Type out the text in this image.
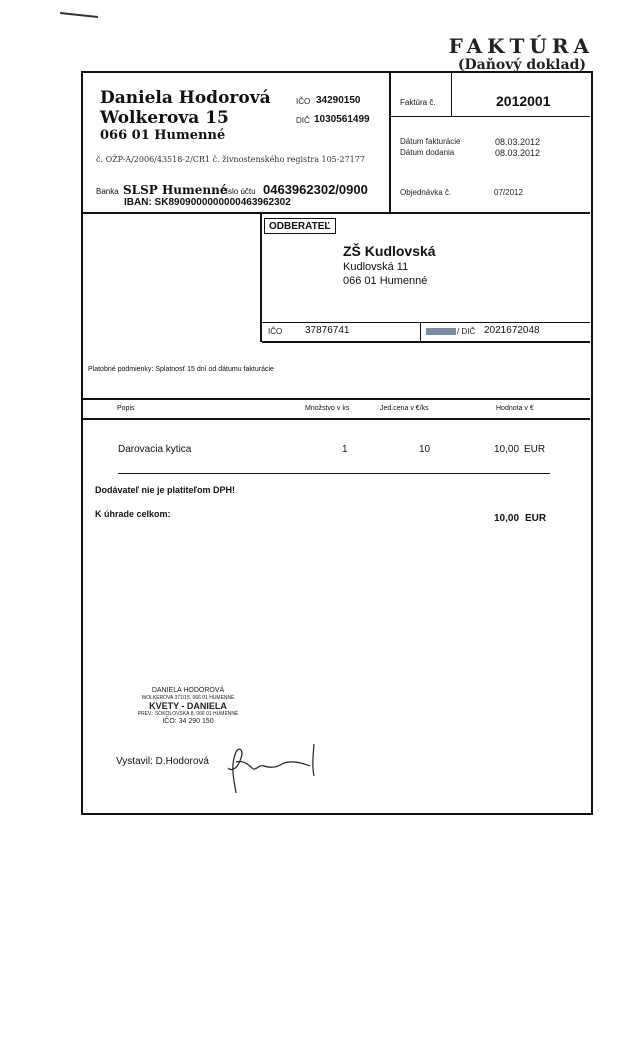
FAKTÚRA
(Daňový doklad)
Daniela Hodorová
Wolkerova 15
066 01 Humenné
IČO 34290150
DIČ 1030561499
č. OŽP-A/2006/43518-2/CR1 č. živnostenského registra 105-27177
Banka SLSP Humenné
Číslo účtu 0463962302/0900
IBAN: SK8909000000000463962302
Faktúra č.	2012001
Dátum fakturácie	08.03.2012
Dátum dodania	08.03.2012
Objednávka č.	07/2012
ODBERATEĽ
ZŠ Kudlovská
Kudlovská 11
066 01 Humenné
IČO 37876741	/ DIČ 2021672048
Platobné podmienky: Splatnosť 15 dní od dátumu fakturácie
Popis	Množstvo v ks	Jed.cena v €/ks	Hodnota v €
Darovacia kytica	1	10	10,00 EUR
Dodávateľ nie je platiteľom DPH!
K úhrade celkom:	10,00 EUR
DANIELA HODOROVÁ
WOLKEROVA 371/15, 066 01 HUMENNÉ
KVETY - DANIELA
PREV.: SOKOLOVSKÁ 8, 066 01 HUMENNÉ
IČO: 34 290 150
Vystavil: D.Hodorová
